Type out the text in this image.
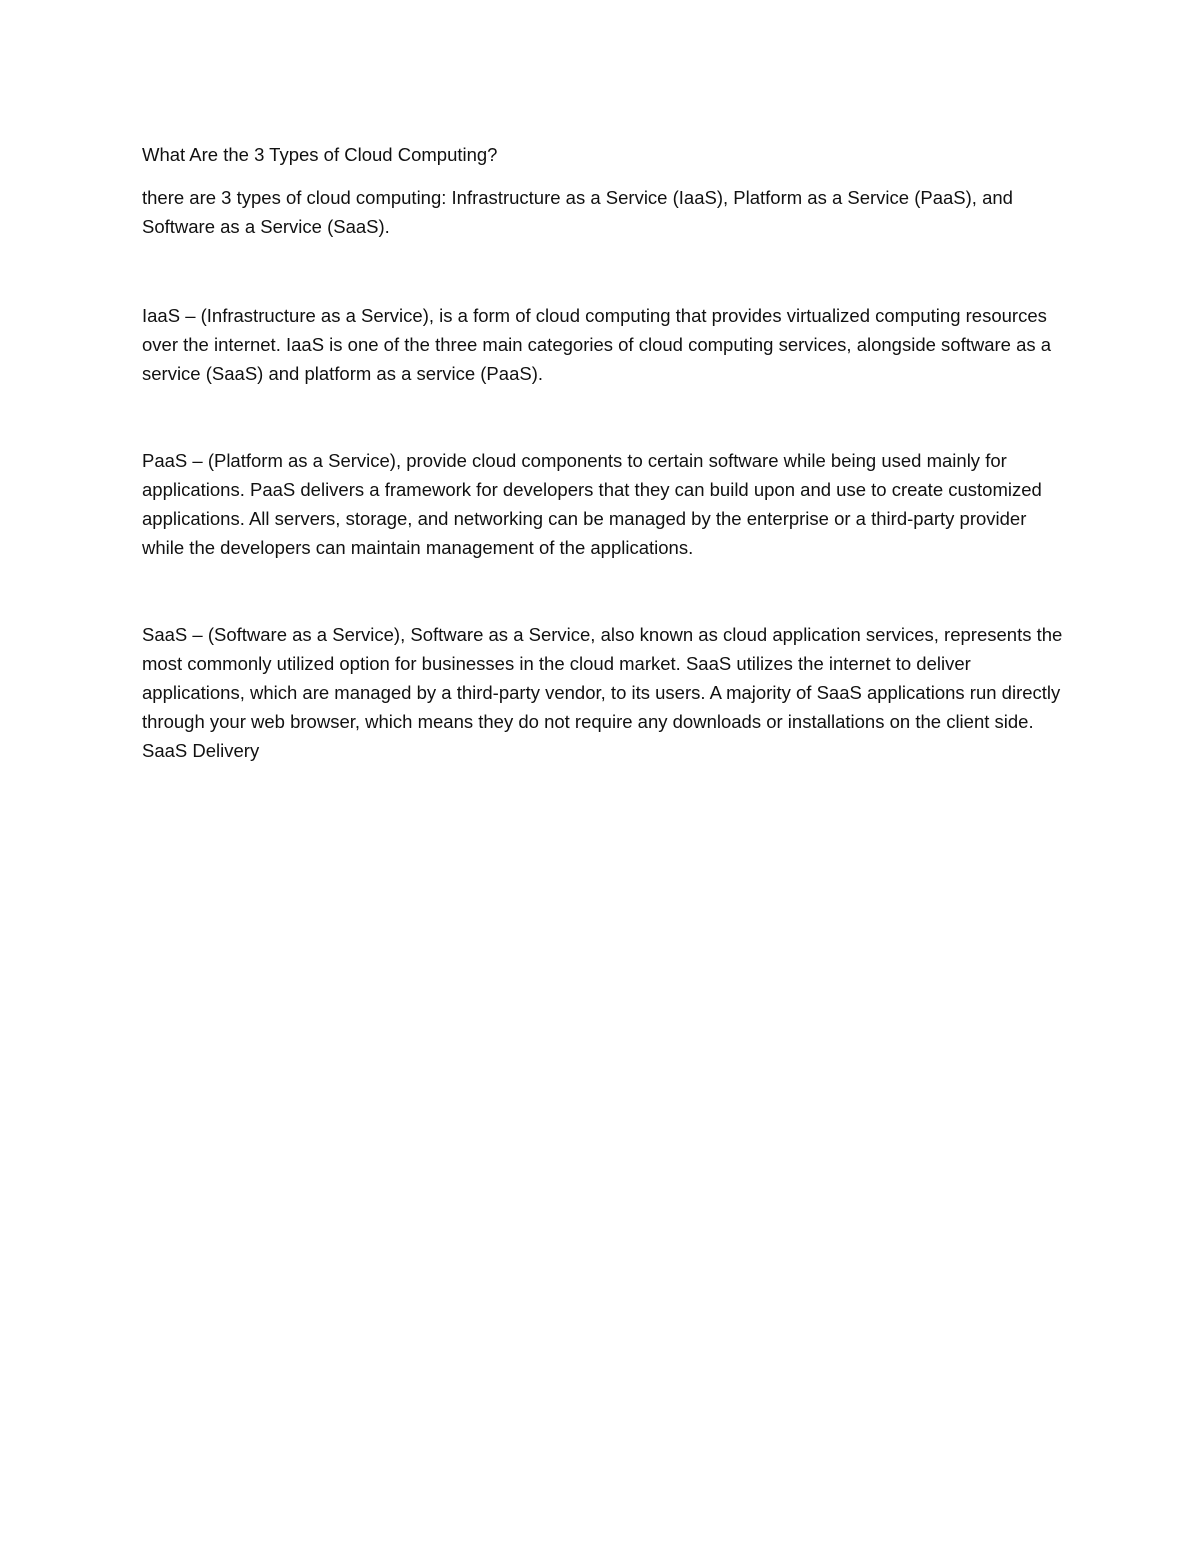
What Are the 3 Types of Cloud Computing?

there are 3 types of cloud computing: Infrastructure as a Service (IaaS), Platform as a Service (PaaS), and Software as a Service (SaaS).

IaaS – (Infrastructure as a Service), is a form of cloud computing that provides virtualized computing resources over the internet. IaaS is one of the three main categories of cloud computing services, alongside software as a service (SaaS) and platform as a service (PaaS).

PaaS – (Platform as a Service), provide cloud components to certain software while being used mainly for applications. PaaS delivers a framework for developers that they can build upon and use to create customized applications. All servers, storage, and networking can be managed by the enterprise or a third-party provider while the developers can maintain management of the applications.

SaaS – (Software as a Service), Software as a Service, also known as cloud application services, represents the most commonly utilized option for businesses in the cloud market. SaaS utilizes the internet to deliver applications, which are managed by a third-party vendor, to its users. A majority of SaaS applications run directly through your web browser, which means they do not require any downloads or installations on the client side. SaaS Delivery
